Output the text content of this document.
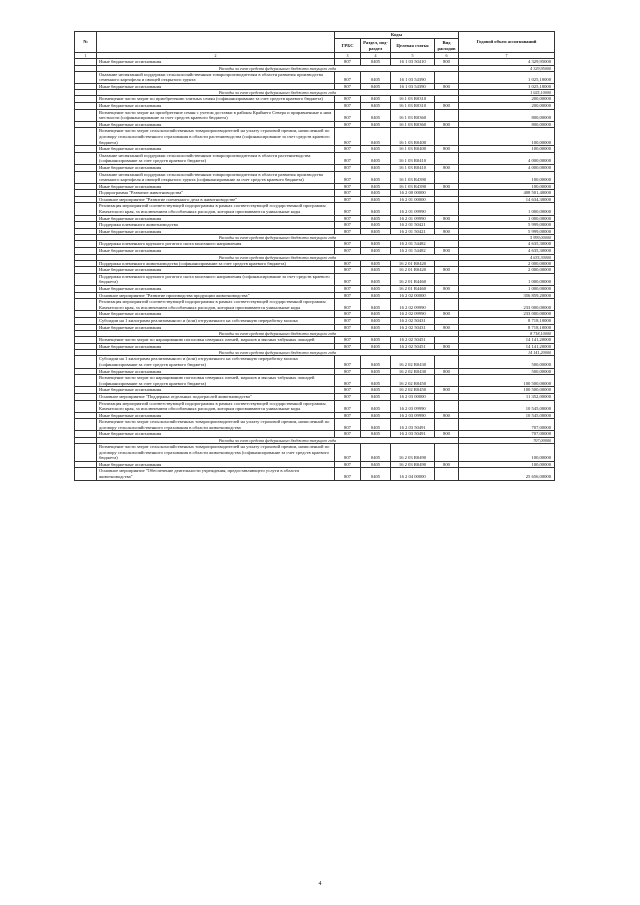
№		Коды				Годовой объем ассигнований
		ГРБС	Раздел, под-раздел	Целевая статья	Вид расходов	
1	2	3	4	5	6	7
	Иные бюджетные ассигнования	807	0405	16 1 03 50410	800	4 329,95000
	Расходы за счет средств федерального бюджета текущего года					4 329,95000
	Оказание несвязанной поддержки сельскохозяйственным товаропроизводителям в области развития производства семенного картофеля и овощей открытого грунта	807	0405	16 1 03 54390		1 025,10000
	Иные бюджетные ассигнования	807	0405	16 1 03 54390	800	1 025,10000
	Расходы за счет средств федерального бюджета текущего года					1 025,10000
	Возмещение части затрат по приобретению элитных семян (софинансирование за счет средств краевого бюджета)	807	0405	16 1 03 R0310		200,00000
	Иные бюджетные ассигнования	807	0405	16 1 03 R0310	800	200,00000
	Возмещение части затрат на приобретение семян с учетом доставки в районы Крайнего Севера и приравненные к ним местности (софинансирование за счет средств краевого бюджета)	807	0405	16 1 03 R0360		800,00000
	Иные бюджетные ассигнования	807	0405	16 1 03 R0360	800	800,00000
	Возмещение части затрат сельскохозяйственных товаропроизводителей на уплату страховой премии, начисленной по договору сельскохозяйственного страхования в области растениеводства (софинансирование за счет средств краевого бюджета)	807	0405	16 1 03 R0400		100,00000
	Иные бюджетные ассигнования	807	0405	16 1 03 R0400	800	100,00000
	Оказание несвязанной поддержки сельскохозяйственным товаропроизводителям в области растениеводства (софинансирование за счет средств краевого бюджета)	807	0405	16 1 03 R0410		4 000,00000
	Иные бюджетные ассигнования	807	0405	16 1 03 R0410	800	4 000,00000
	Оказание несвязанной поддержки сельскохозяйственным товаропроизводителям в области развития производства семенного картофеля и овощей открытого грунта (софинансирование за счет средств краевого бюджета)	807	0405	16 1 03 R4390		100,00000
	Иные бюджетные ассигнования	807	0405	16 1 03 R4390	800	100,00000
	Подпрограмма "Развитие животноводства"	807	0405	16 2 00 00000		408 501,40000
	Основное мероприятие "Развитие племенного дела в животноводстве"	807	0405	16 2 01 00000		14 634,30000
	Реализация мероприятий соответствующей подпрограммы в рамках соответствующей государственной программы Камчатского края, за исключением обособленных расходов, которым присваиваются уникальные коды	807	0405	16 2 01 09990		1 000,00000
	Иные бюджетные ассигнования	807	0405	16 2 01 09990	800	1 000,00000
	Поддержка племенного животноводства	807	0405	16 2 01 50421		5 999,00000
	Иные бюджетные ассигнования	807	0405	16 2 01 50421	800	5 999,00000
	Расходы за счет средств федерального бюджета текущего года					5 999,00000
	Поддержка племенного крупного рогатого скота молочного направления	807	0405	16 2 01 54482		4 635,30000
	Иные бюджетные ассигнования	807	0405	16 2 01 54482	800	4 635,30000
	Расходы за счет средств федерального бюджета текущего года					4 635,30000
	Поддержка племенного животноводства (софинансирование за счет средств краевого бюджета)	807	0405	16 2 01 R0420		2 000,00000
	Иные бюджетные ассигнования	807	0405	16 2 01 R0420	800	2 000,00000
	Поддержка племенного крупного рогатого скота молочного направления (софинансирование за счет средств краевого бюджета)	807	0405	16 2 01 R4460		1 000,00000
	Иные бюджетные ассигнования	807	0405	16 2 01 R4460	800	1 000,00000
	Основное мероприятие "Развитие производства продукции животноводства"	807	0405	16 2 02 00000		356 859,20000
	Реализация мероприятий соответствующей подпрограммы в рамках соответствующей государственной программы Камчатского края, за исключением обособленных расходов, которым присваиваются уникальные коды	807	0405	16 2 02 09990		233 000,00000
	Иные бюджетные ассигнования	807	0405	16 2 02 09990	800	233 000,00000
	Субсидии на 1 килограмм реализованного и (или) отгруженного на собственную переработку молока	807	0405	16 2 02 50431		8 718,10000
	Иные бюджетные ассигнования	807	0405	16 2 02 50431	800	8 718,10000
	Расходы за счет средств федерального бюджета текущего года					8 718,10000
	Возмещение части затрат по наращиванию поголовья северных оленей, маралов и мясных табунных лошадей	807	0405	16 2 02 50451		14 141,20000
	Иные бюджетные ассигнования	807	0405	16 2 02 50451	800	14 141,20000
	Расходы за счет средств федерального бюджета текущего года					14 141,20000
	Субсидии на 1 килограмм реализованного и (или) отгруженного на собственную переработку молока (софинансирование за счет средств краевого бюджета)	807	0405	16 2 02 R0430		500,00000
	Иные бюджетные ассигнования	807	0405	16 2 02 R0430	800	500,00000
	Возмещение части затрат по наращиванию поголовья северных оленей, маралов и мясных табунных лошадей (софинансирование за счет средств краевого бюджета)	807	0405	16 2 02 R0450		100 500,00000
	Иные бюджетные ассигнования	807	0405	16 2 02 R0450	800	100 500,00000
	Основное мероприятие "Поддержка отдельных подотраслей животноводства"	807	0405	16 2 03 00000		11 352,00000
	Реализация мероприятий соответствующей подпрограммы в рамках соответствующей государственной программы Камчатского края, за исключением обособленных расходов, которым присваиваются уникальные коды	807	0405	16 2 03 09990		10 545,00000
	Иные бюджетные ассигнования	807	0405	16 2 03 09990	800	10 545,00000
	Возмещение части затрат сельскохозяйственных товаропроизводителей на уплату страховой премии, начисленной по договору сельскохозяйственного страхования в области животноводства	807	0405	16 2 03 50491		707,00000
	Иные бюджетные ассигнования	807	0405	16 2 03 50491	800	707,00000
	Расходы за счет средств федерального бюджета текущего года					707,00000
	Возмещение части затрат сельскохозяйственных товаропроизводителей на уплату страховой премии, начисленной по договору сельскохозяйственного страхования в области животноводства (софинансирование за счет средств краевого бюджета)	807	0405	16 2 03 R0490		100,00000
	Иные бюджетные ассигнования	807	0405	16 2 03 R0490	800	100,00000
	Основное мероприятие "Обеспечение деятельности учреждения, предоставляющего услуги в области животноводства"	807	0405	16 2 04 00000		25 656,00000
4
